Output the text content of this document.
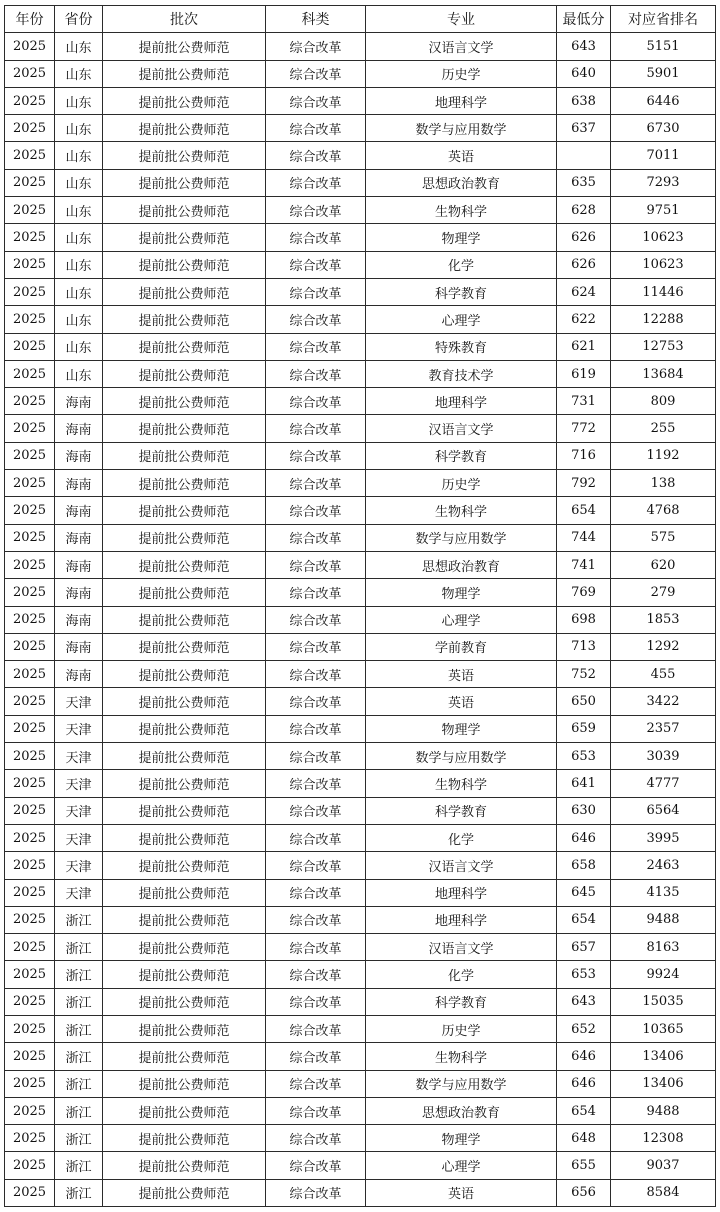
年份	省份	批次	科类	专业	最低分	对应省排名
2025	山东	提前批公费师范	综合改革	汉语言文学	643	5151
2025	山东	提前批公费师范	综合改革	历史学	640	5901
2025	山东	提前批公费师范	综合改革	地理科学	638	6446
2025	山东	提前批公费师范	综合改革	数学与应用数学	637	6730
2025	山东	提前批公费师范	综合改革	英语		7011
2025	山东	提前批公费师范	综合改革	思想政治教育	635	7293
2025	山东	提前批公费师范	综合改革	生物科学	628	9751
2025	山东	提前批公费师范	综合改革	物理学	626	10623
2025	山东	提前批公费师范	综合改革	化学	626	10623
2025	山东	提前批公费师范	综合改革	科学教育	624	11446
2025	山东	提前批公费师范	综合改革	心理学	622	12288
2025	山东	提前批公费师范	综合改革	特殊教育	621	12753
2025	山东	提前批公费师范	综合改革	教育技术学	619	13684
2025	海南	提前批公费师范	综合改革	地理科学	731	809
2025	海南	提前批公费师范	综合改革	汉语言文学	772	255
2025	海南	提前批公费师范	综合改革	科学教育	716	1192
2025	海南	提前批公费师范	综合改革	历史学	792	138
2025	海南	提前批公费师范	综合改革	生物科学	654	4768
2025	海南	提前批公费师范	综合改革	数学与应用数学	744	575
2025	海南	提前批公费师范	综合改革	思想政治教育	741	620
2025	海南	提前批公费师范	综合改革	物理学	769	279
2025	海南	提前批公费师范	综合改革	心理学	698	1853
2025	海南	提前批公费师范	综合改革	学前教育	713	1292
2025	海南	提前批公费师范	综合改革	英语	752	455
2025	天津	提前批公费师范	综合改革	英语	650	3422
2025	天津	提前批公费师范	综合改革	物理学	659	2357
2025	天津	提前批公费师范	综合改革	数学与应用数学	653	3039
2025	天津	提前批公费师范	综合改革	生物科学	641	4777
2025	天津	提前批公费师范	综合改革	科学教育	630	6564
2025	天津	提前批公费师范	综合改革	化学	646	3995
2025	天津	提前批公费师范	综合改革	汉语言文学	658	2463
2025	天津	提前批公费师范	综合改革	地理科学	645	4135
2025	浙江	提前批公费师范	综合改革	地理科学	654	9488
2025	浙江	提前批公费师范	综合改革	汉语言文学	657	8163
2025	浙江	提前批公费师范	综合改革	化学	653	9924
2025	浙江	提前批公费师范	综合改革	科学教育	643	15035
2025	浙江	提前批公费师范	综合改革	历史学	652	10365
2025	浙江	提前批公费师范	综合改革	生物科学	646	13406
2025	浙江	提前批公费师范	综合改革	数学与应用数学	646	13406
2025	浙江	提前批公费师范	综合改革	思想政治教育	654	9488
2025	浙江	提前批公费师范	综合改革	物理学	648	12308
2025	浙江	提前批公费师范	综合改革	心理学	655	9037
2025	浙江	提前批公费师范	综合改革	英语	656	8584
